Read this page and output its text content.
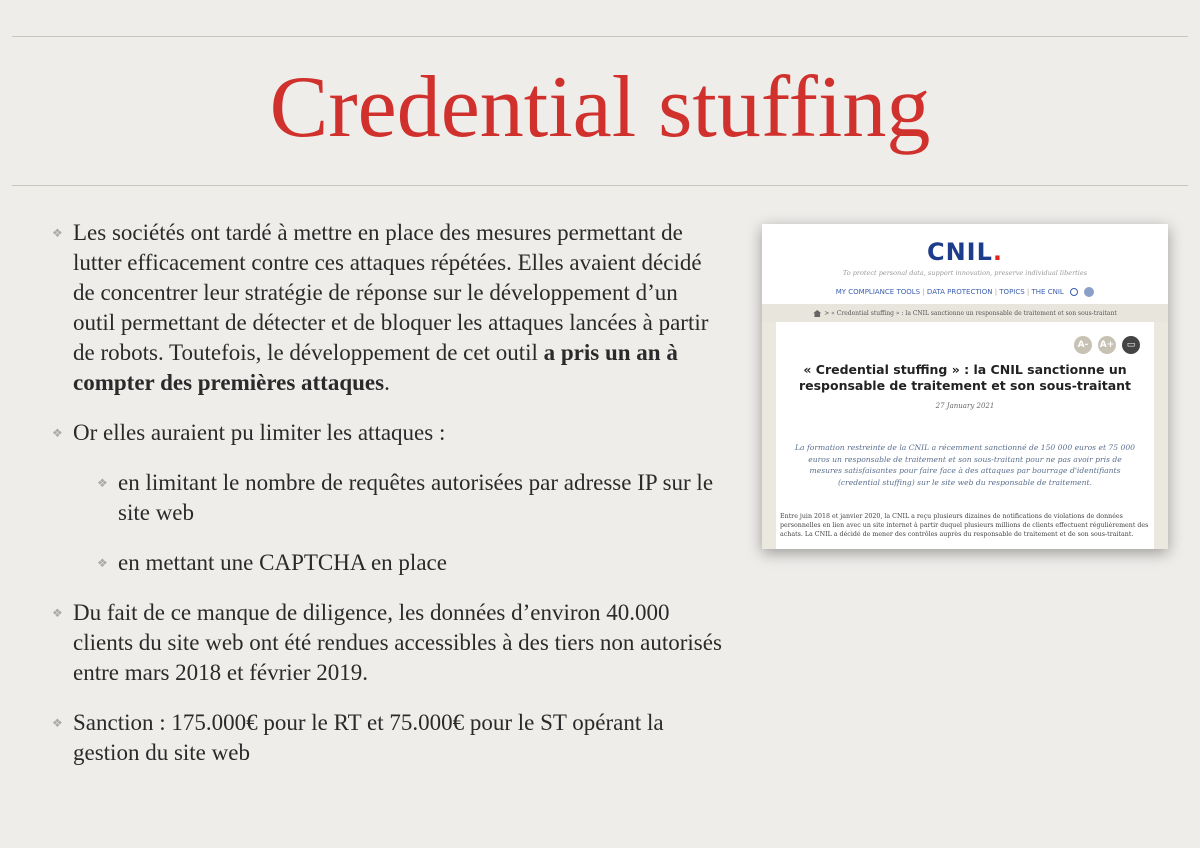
Credential stuffing
❖ Les sociétés ont tardé à mettre en place des mesures permettant de lutter efficacement contre ces attaques répétées. Elles avaient décidé de concentrer leur stratégie de réponse sur le développement d’un outil permettant de détecter et de bloquer les attaques lancées à partir de robots. Toutefois, le développement de cet outil a pris un an à compter des premières attaques.
❖ Or elles auraient pu limiter les attaques :
❖ en limitant le nombre de requêtes autorisées par adresse IP sur le site web
❖ en mettant une CAPTCHA en place
❖ Du fait de ce manque de diligence, les données d’environ 40.000 clients du site web ont été rendues accessibles à des tiers non autorisés entre mars 2018 et février 2019.
❖ Sanction : 175.000€ pour le RT et 75.000€ pour le ST opérant la gestion du site web
CNIL.
To protect personal data, support innovation, preserve individual liberties
MY COMPLIANCE TOOLS | DATA PROTECTION | TOPICS | THE CNIL
> « Credential stuffing » : la CNIL sanctionne un responsable de traitement et son sous-traitant
A- A+ ▭
« Credential stuffing » : la CNIL sanctionne un responsable de traitement et son sous-traitant
27 January 2021
La formation restreinte de la CNIL a récemment sanctionné de 150 000 euros et 75 000 euros un responsable de traitement et son sous-traitant pour ne pas avoir pris de mesures satisfaisantes pour faire face à des attaques par bourrage d'identifiants (credential stuffing) sur le site web du responsable de traitement.
Entre juin 2018 et janvier 2020, la CNIL a reçu plusieurs dizaines de notifications de violations de données personnelles en lien avec un site internet à partir duquel plusieurs millions de clients effectuent régulièrement des achats. La CNIL a décidé de mener des contrôles auprès du responsable de traitement et de son sous-traitant.
